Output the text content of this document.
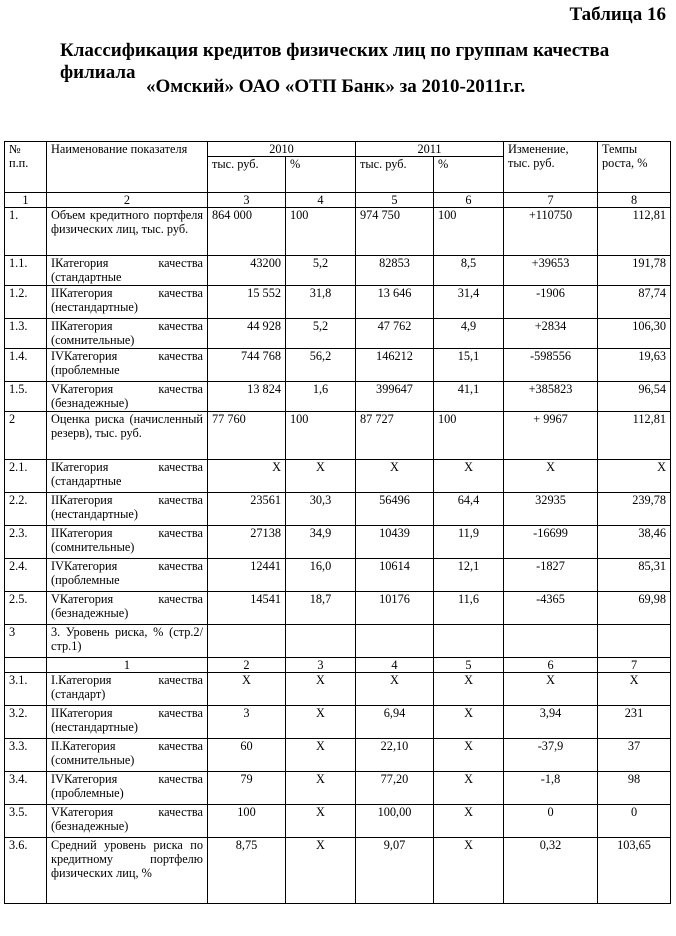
Таблица 16
Классификация кредитов физических лиц по группам качества филиала
«Омский» ОАО «ОТП Банк» за 2010-2011г.г.
№ п.п.	Наименование показателя	2010		2011		Изменение, тыс. руб.	Темпы роста, %
		тыс. руб.	%	тыс. руб.	%		
1	2	3	4	5	6	7	8
1.	Объем кредитного портфеля физических лиц, тыс. руб.	864 000	100	974 750	100	+110750	112,81
1.1.	IКатегория качества (стандартные	43200	5,2	82853	8,5	+39653	191,78
1.2.	IIКатегория качества (нестандартные)	15 552	31,8	13 646	31,4	-1906	87,74
1.3.	IIКатегория качества (сомнительные)	44 928	5,2	47 762	4,9	+2834	106,30
1.4.	IVКатегория качества (проблемные	744 768	56,2	146212	15,1	-598556	19,63
1.5.	VКатегория качества (безнадежные)	13 824	1,6	399647	41,1	+385823	96,54
2	Оценка риска (начисленный резерв), тыс. руб.	77 760	100	87 727	100	+ 9967	112,81
2.1.	IКатегория качества (стандартные	X	X	X	X	X	X
2.2.	IIКатегория качества (нестандартные)	23561	30,3	56496	64,4	32935	239,78
2.3.	IIКатегория качества (сомнительные)	27138	34,9	10439	11,9	-16699	38,46
2.4.	IVКатегория качества (проблемные	12441	16,0	10614	12,1	-1827	85,31
2.5.	VКатегория качества (безнадежные)	14541	18,7	10176	11,6	-4365	69,98
3	3. Уровень риска, % (стр.2/стр.1)						
	1	2	3	4	5	6	7
3.1.	I.Категория качества (стандарт)	X	X	X	X	X	X
3.2.	IIКатегория качества (нестандартные)	3	X	6,94	X	3,94	231
3.3.	II.Категория качества (сомнительные)	60	X	22,10	X	-37,9	37
3.4.	IVКатегория качества (проблемные)	79	X	77,20	X	-1,8	98
3.5.	VКатегория качества (безнадежные)	100	X	100,00	X	0	0
3.6.	Средний уровень риска по кредитному портфелю физических лиц, %	8,75	X	9,07	X	0,32	103,65
